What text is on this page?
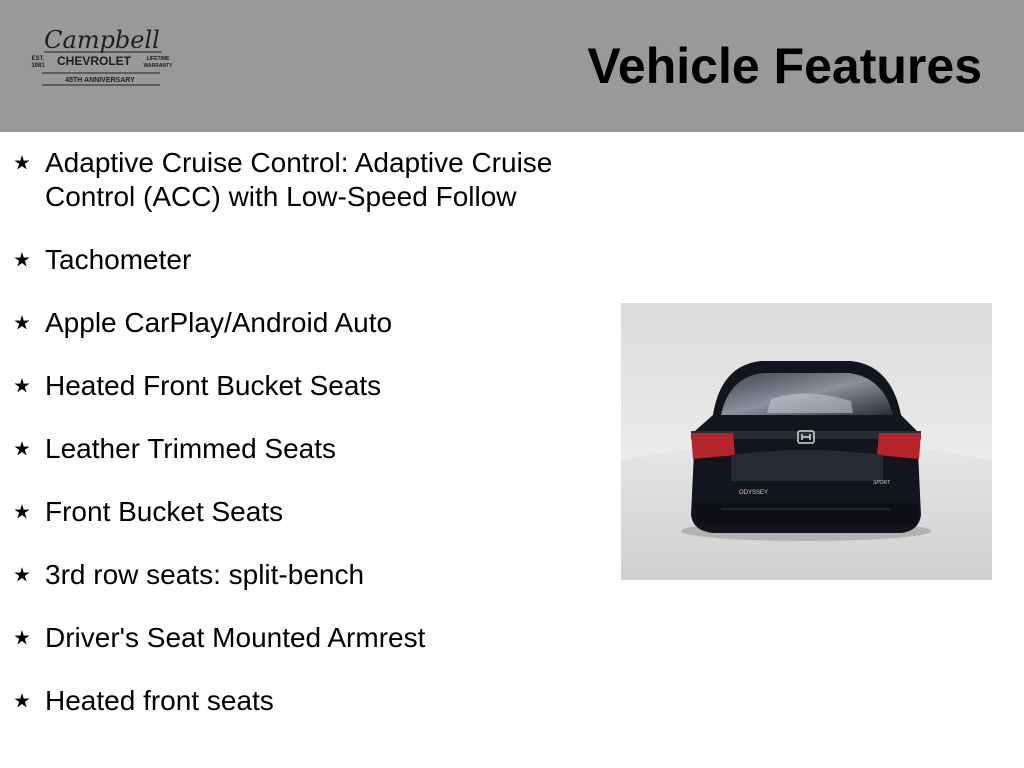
Campbell
EST.
1981 CHEVROLET	LIFETIME
WARRANTY
45TH ANNIVERSARY	Vehicle Features
Adaptive Cruise Control: Adaptive Cruise Control (ACC) with Low-Speed Follow
Tachometer
Apple CarPlay/Android Auto
Heated Front Bucket Seats
Leather Trimmed Seats
Front Bucket Seats
3rd row seats: split-bench
Driver's Seat Mounted Armrest
Heated front seats
ODYSSEY
SPORT
